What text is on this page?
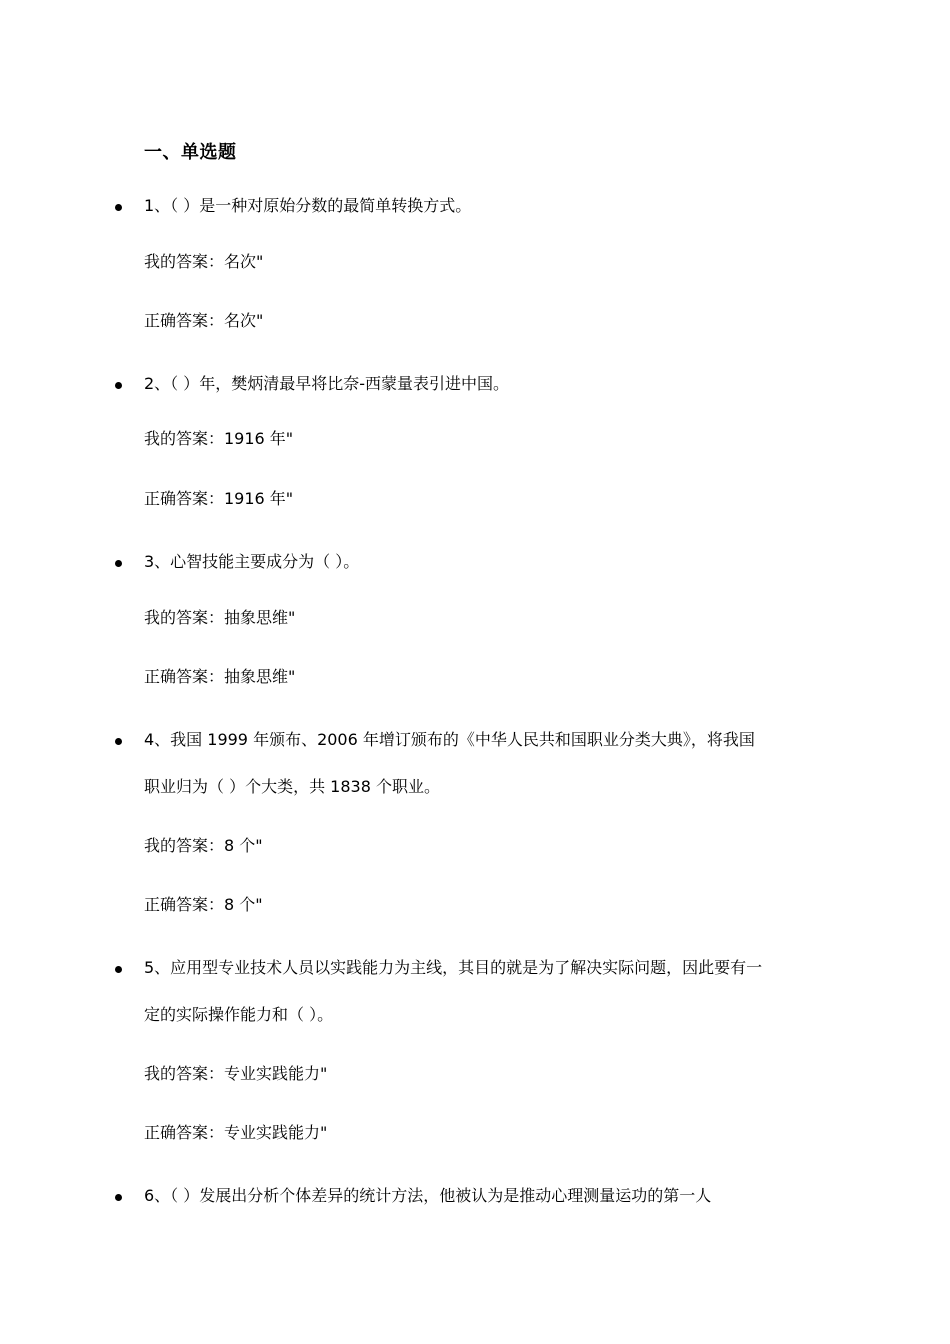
一、单选题
1、（ ）是一种对原始分数的最简单转换方式。
我的答案：名次"
正确答案：名次"
2、（ ）年，樊炳清最早将比奈-西蒙量表引进中国。
我的答案：1916 年"
正确答案：1916 年"
3、心智技能主要成分为（ ）。
我的答案：抽象思维"
正确答案：抽象思维"
4、我国 1999 年颁布、2006 年增订颁布的《中华人民共和国职业分类大典》，将我国
职业归为（ ）个大类，共 1838 个职业。
我的答案：8 个"
正确答案：8 个"
5、应用型专业技术人员以实践能力为主线，其目的就是为了解决实际问题，因此要有一
定的实际操作能力和（ ）。
我的答案：专业实践能力"
正确答案：专业实践能力"
6、（ ）发展出分析个体差异的统计方法，他被认为是推动心理测量运功的第一人
